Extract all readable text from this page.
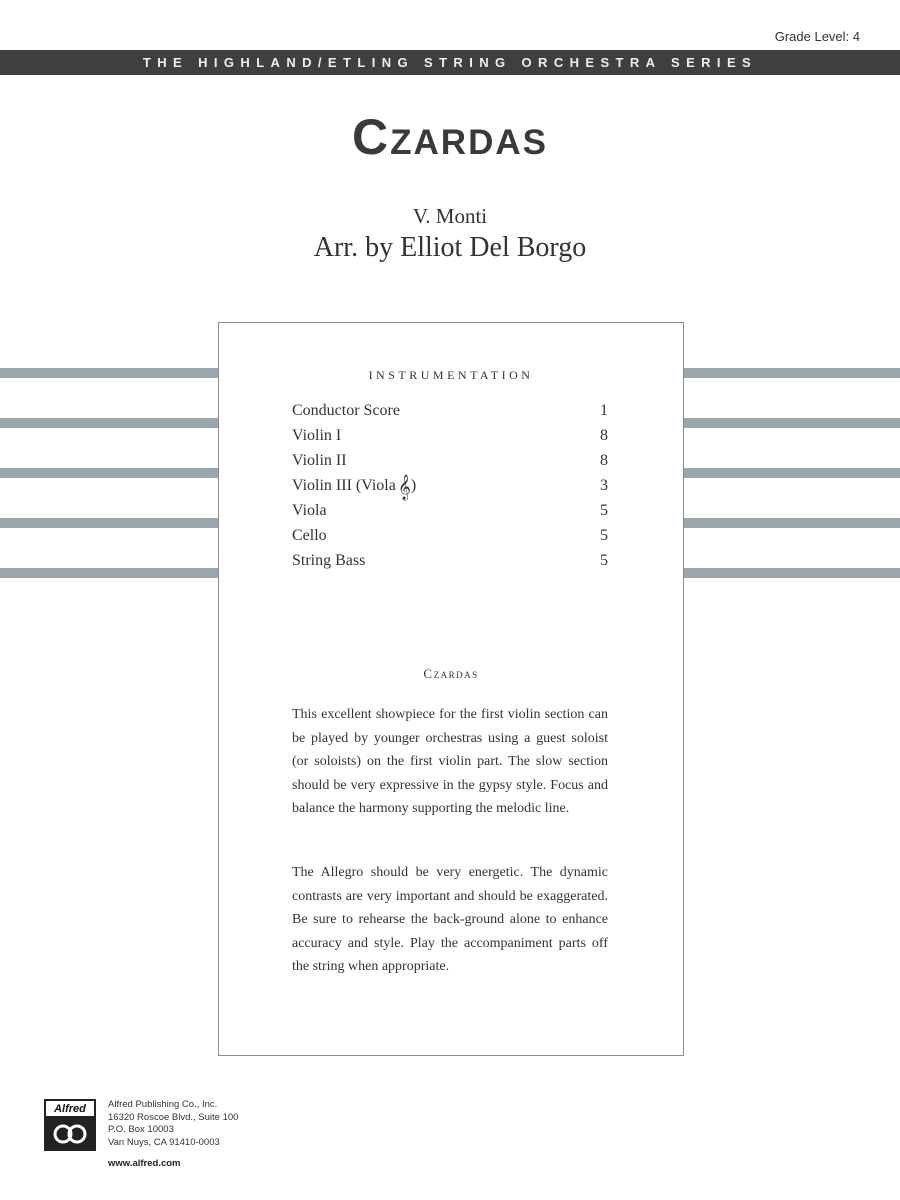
Grade Level: 4
THE HIGHLAND/ETLING STRING ORCHESTRA SERIES
Czardas
V. Monti
Arr. by Elliot Del Borgo
INSTRUMENTATION
Conductor Score	1
Violin I	8
Violin II	8
Violin III (Viola𝄞)	3
Viola	5
Cello	5
String Bass	5
Czardas

This excellent showpiece for the first violin section can be played by younger orchestras using a guest soloist (or soloists) on the first violin part. The slow section should be very expressive in the gypsy style. Focus and balance the harmony supporting the melodic line.

The Allegro should be very energetic. The dynamic contrasts are very important and should be exaggerated. Be sure to rehearse the back-ground alone to enhance accuracy and style. Play the accompaniment parts off the string when appropriate.

Alfred	Alfred Publishing Co., Inc.
16320 Roscoe Blvd., Suite 100
P.O. Box 10003
Van Nuys, CA 91410-0003
www.alfred.com
